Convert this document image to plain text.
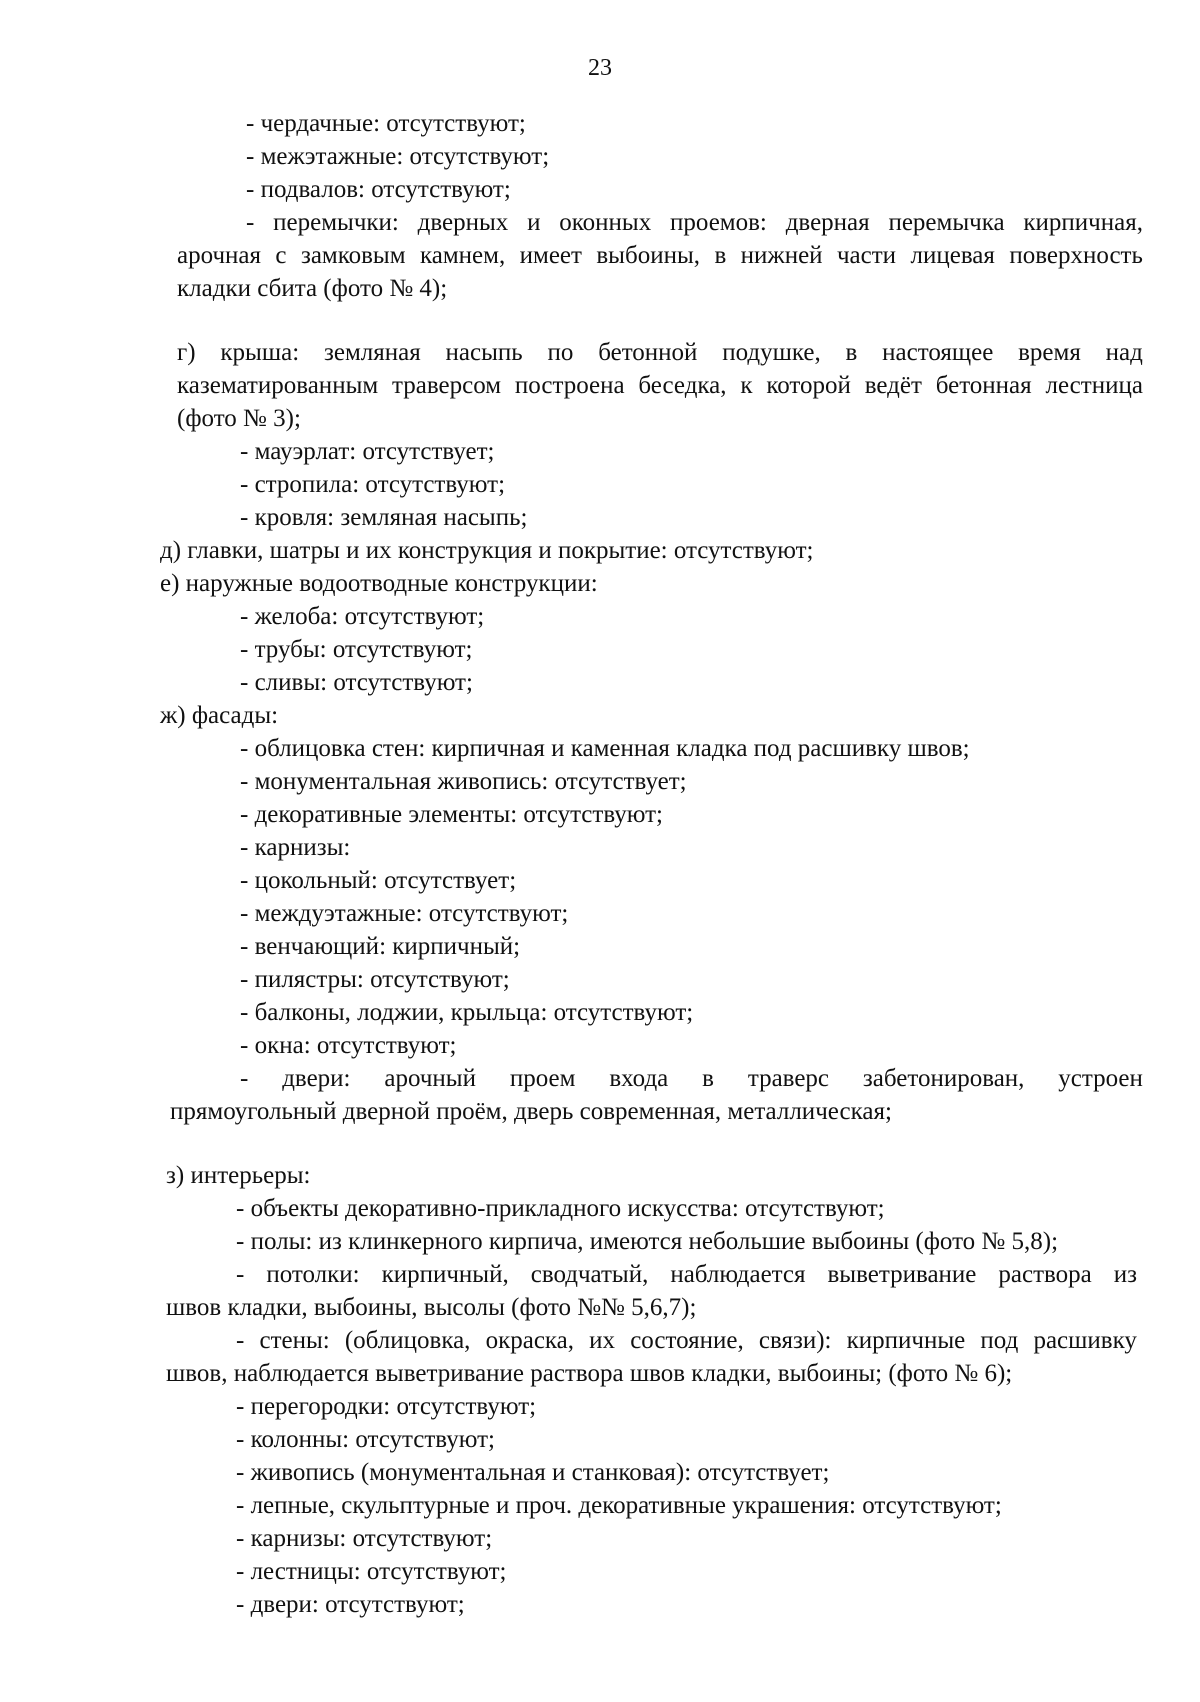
23
- чердачные: отсутствуют;
- межэтажные: отсутствуют;
- подвалов: отсутствуют;
- перемычки: дверных и оконных проемов: дверная перемычка кирпичная,
арочная с замковым камнем, имеет выбоины, в нижней части лицевая поверхность
кладки сбита (фото № 4);
г) крыша: земляная насыпь по бетонной подушке, в настоящее время над
казематированным траверсом построена беседка, к которой ведёт бетонная лестница
(фото № 3);
- мауэрлат: отсутствует;
- стропила: отсутствуют;
- кровля: земляная насыпь;
д) главки, шатры и их конструкция и покрытие: отсутствуют;
е) наружные водоотводные конструкции:
- желоба: отсутствуют;
- трубы: отсутствуют;
- сливы: отсутствуют;
ж) фасады:
- облицовка стен: кирпичная и каменная кладка под расшивку швов;
- монументальная живопись: отсутствует;
- декоративные элементы: отсутствуют;
- карнизы:
- цокольный: отсутствует;
- междуэтажные: отсутствуют;
- венчающий: кирпичный;
- пилястры: отсутствуют;
- балконы, лоджии, крыльца: отсутствуют;
- окна: отсутствуют;
- двери: арочный проем входа в траверс забетонирован, устроен
прямоугольный дверной проём, дверь современная, металлическая;
з) интерьеры:
- объекты декоративно-прикладного искусства: отсутствуют;
- полы: из клинкерного кирпича, имеются небольшие выбоины (фото № 5,8);
- потолки: кирпичный, сводчатый, наблюдается выветривание раствора из
швов кладки, выбоины, высолы (фото №№ 5,6,7);
- стены: (облицовка, окраска, их состояние, связи): кирпичные под расшивку
швов, наблюдается выветривание раствора швов кладки, выбоины; (фото № 6);
- перегородки: отсутствуют;
- колонны: отсутствуют;
- живопись (монументальная и станковая): отсутствует;
- лепные, скульптурные и проч. декоративные украшения: отсутствуют;
- карнизы: отсутствуют;
- лестницы: отсутствуют;
- двери: отсутствуют;
